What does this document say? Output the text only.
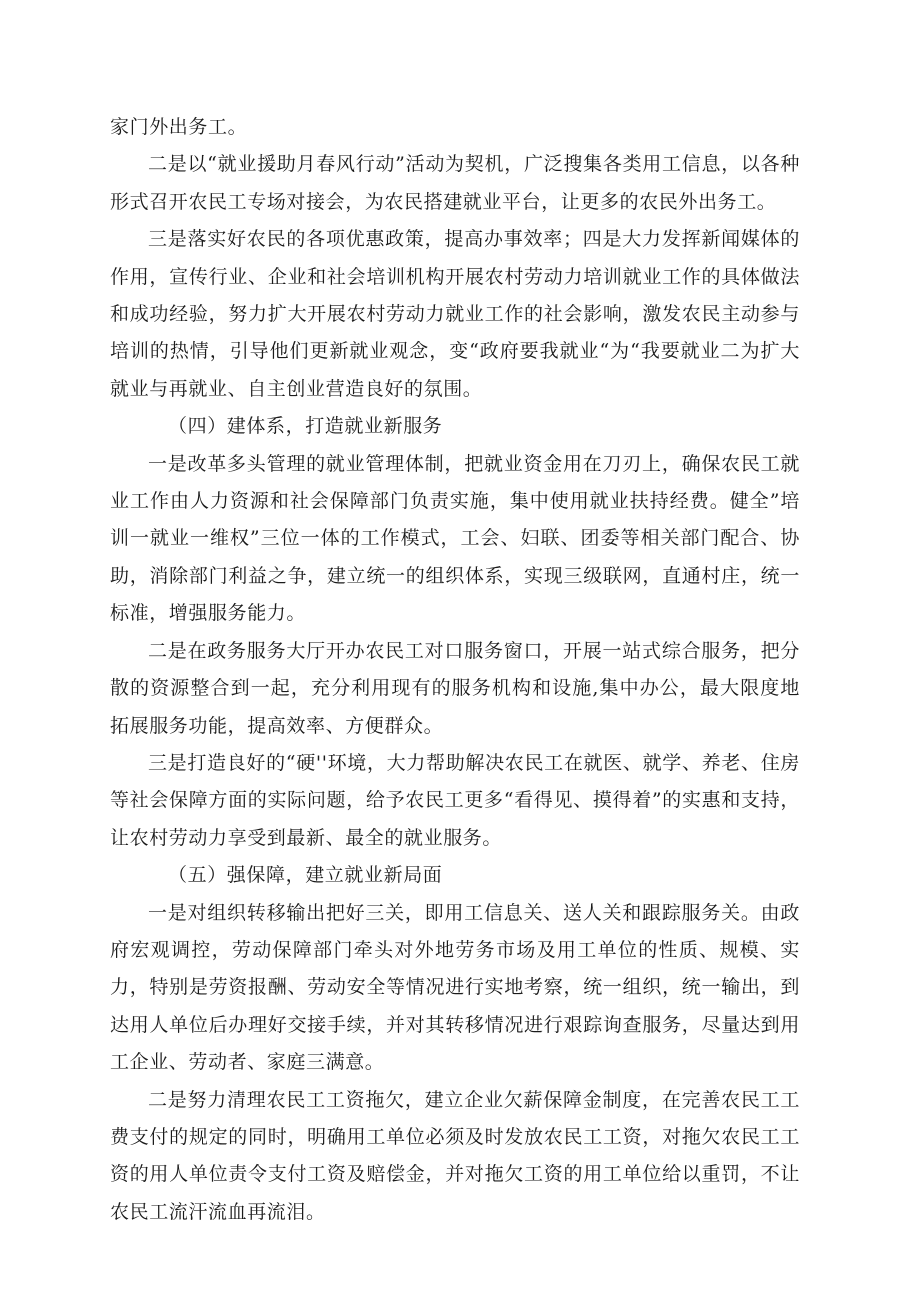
家门外出务工。

二是以“就业援助月春风行动”活动为契机，广泛搜集各类用工信息，以各种形式召开农民工专场对接会，为农民搭建就业平台，让更多的农民外出务工。

三是落实好农民的各项优惠政策，提高办事效率；四是大力发挥新闻媒体的作用，宣传行业、企业和社会培训机构开展农村劳动力培训就业工作的具体做法和成功经验，努力扩大开展农村劳动力就业工作的社会影响，激发农民主动参与培训的热情，引导他们更新就业观念，变“政府要我就业“为“我要就业二为扩大就业与再就业、自主创业营造良好的氛围。

（四）建体系，打造就业新服务

一是改革多头管理的就业管理体制，把就业资金用在刀刃上，确保农民工就业工作由人力资源和社会保障部门负责实施，集中使用就业扶持经费。健全”培训一就业一维权”三位一体的工作模式，工会、妇联、团委等相关部门配合、协助，消除部门利益之争，建立统一的组织体系，实现三级联网，直通村庄，统一标准，增强服务能力。

二是在政务服务大厅开办农民工对口服务窗口，开展一站式综合服务，把分散的资源整合到一起，充分利用现有的服务机构和设施,集中办公，最大限度地拓展服务功能，提高效率、方便群众。

三是打造良好的“硬''环境，大力帮助解决农民工在就医、就学、养老、住房等社会保障方面的实际问题，给予农民工更多“看得见、摸得着”的实惠和支持，让农村劳动力享受到最新、最全的就业服务。

（五）强保障，建立就业新局面

一是对组织转移输出把好三关，即用工信息关、送人关和跟踪服务关。由政府宏观调控，劳动保障部门牵头对外地劳务市场及用工单位的性质、规模、实力，特别是劳资报酬、劳动安全等情况进行实地考察，统一组织，统一输出，到达用人单位后办理好交接手续，并对其转移情况进行艰踪询查服务，尽量达到用工企业、劳动者、家庭三满意。

二是努力清理农民工工资拖欠，建立企业欠薪保障金制度，在完善农民工工费支付的规定的同时，明确用工单位必须及时发放农民工工资，对拖欠农民工工资的用人单位责令支付工资及赔偿金，并对拖欠工资的用工单位给以重罚，不让农民工流汗流血再流泪。
